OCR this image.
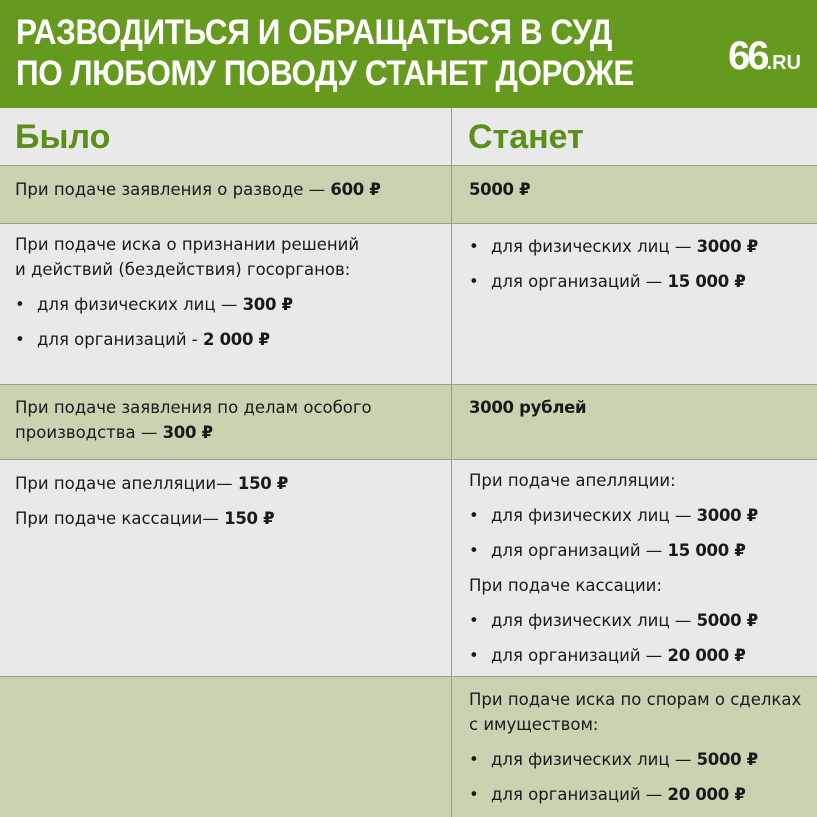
РАЗВОДИТЬСЯ И ОБРАЩАТЬСЯ В СУД
ПО ЛЮБОМУ ПОВОДУ СТАНЕТ ДОРОЖЕ 66.RU
Было	Станет
При подаче заявления о разводе — 600 ₽	5000 ₽
При подаче иска о признании решений
и действий (бездействия) госорганов:
• для физических лиц — 300 ₽
• для организаций - 2 000 ₽
• для физических лиц — 3000 ₽
• для организаций — 15 000 ₽
При подаче заявления по делам особого
производства — 300 ₽
3000 рублей
При подаче апелляции— 150 ₽
При подаче кассации— 150 ₽
При подаче апелляции:
• для физических лиц — 3000 ₽
• для организаций — 15 000 ₽
При подаче кассации:
• для физических лиц — 5000 ₽
• для организаций — 20 000 ₽
При подаче иска по спорам о сделках
с имуществом:
• для физических лиц — 5000 ₽
• для организаций — 20 000 ₽
